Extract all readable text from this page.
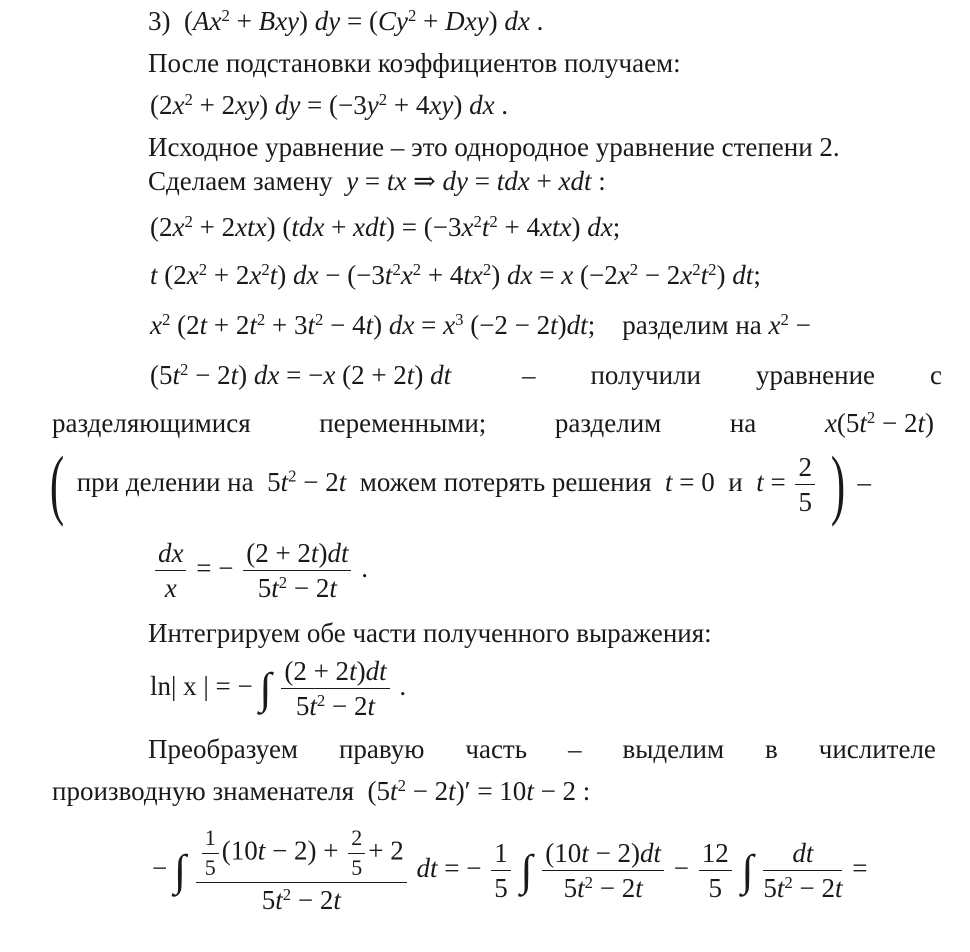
3)  $(Ax^2 + Bxy)$ dy = $(Cy^2 + Dxy)$ dx .
После подстановки коэффициентов получаем:
$(2x^2 + 2xy)$ dy = $(-3y^2 + 4xy)$ dx .
Исходное уравнение – это однородное уравнение степени 2.
Сделаем замену y = tx ⇒ dy = tdx + xdt :
$(2x^2 + 2xtx) (tdx + xdt) = (-3x^2t^2 + 4xtx)$ dx;
t $(2x^2 + 2x^2t)$ dx − $(-3t^2x^2 + 4tx^2)$ dx = x $(-2x^2 - 2x^2t^2)$ dt;
$x^2$ $(2t + 2t^2 + 3t^2 - 4t)$ dx = $x^3$ (−2 − 2t)dt;    разделим на $x^2$ −
$(5t^2 - 2t)$ dx = −x (2 + 2t) dt	– получили уравнение с
разделяющимися	переменными;	разделим	на	$x(5t^2 - 2t)$
( при делении на  $5t^2 - 2t$ можем потерять решения t = 0  и $t = \frac{2}{5}$ ) –
$\frac{dx}{x}$ = − $\frac{(2 + 2t)dt}{5t^2 - 2t}$ .
Интегрируем обе части полученного выражения:
ln| x | = − ∫ $\frac{(2 + 2t)dt}{5t^2 - 2t}$ .
Преобразуем правую часть – выделим в числителе
производную знаменателя  $(5t^2 - 2t)' = 10t - 2$ :
− ∫ $\frac{\frac{1}{5} (10t - 2) + \frac{2}{5} + 2}{5t^2 - 2t}$ dt = − $\frac{1}{5}$ ∫ $\frac{(10t - 2)dt}{5t^2 - 2t} - \frac{12}{5}$ ∫ $\frac{dt}{5t^2 - 2t}$ =
